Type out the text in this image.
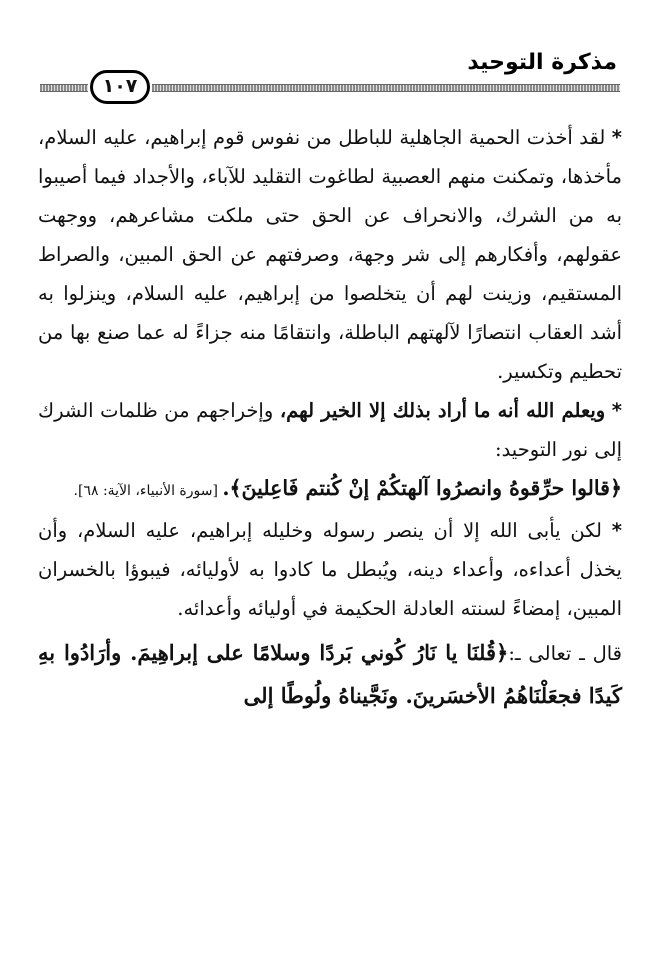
مذكرة التوحيد
١٠٧

* لقد أخذت الحمية الجاهلية للباطل من نفوس قوم إبراهيم، عليه السلام، مأخذها، وتمكنت منهم العصبية لطاغوت التقليد للآباء، والأجداد فيما أصيبوا به من الشرك، والانحراف عن الحق حتى ملكت مشاعرهم، ووجهت عقولهم، وأفكارهم إلى شر وجهة، وصرفتهم عن الحق المبين، والصراط المستقيم، وزينت لهم أن يتخلصوا من إبراهيم، عليه السلام، وينزلوا به أشد العقاب انتصارًا لآلهتهم الباطلة، وانتقامًا منه جزاءً له عما صنع بها من تحطيم وتكسير.

* ويعلم الله أنه ما أراد بذلك إلا الخير لهم، وإخراجهم من ظلمات الشرك إلى نور التوحيد:

﴿قالوا حرِّقوهُ وانصرُوا آلهتكُمْ إنْ كُنتم فَاعِلينَ﴾. [سورة الأنبياء، الآية: ٦٨].

* لكن يأبى الله إلا أن ينصر رسوله وخليله إبراهيم، عليه السلام، وأن يخذل أعداءه، وأعداء دينه، ويُبطل ما كادوا به لأوليائه، فيبوؤا بالخسران المبين، إمضاءً لسنته العادلة الحكيمة في أوليائه وأعدائه.

قال ـ تعالى ـ:﴿قُلنَا يا نَارُ كُوني بَردًا وسلامًا على إبراهِيمَ. وأرَادُوا بهِ كَيدًا فجعَلْنَاهُمُ الأخسَرينَ. ونَجَّيناهُ ولُوطًا إلى
